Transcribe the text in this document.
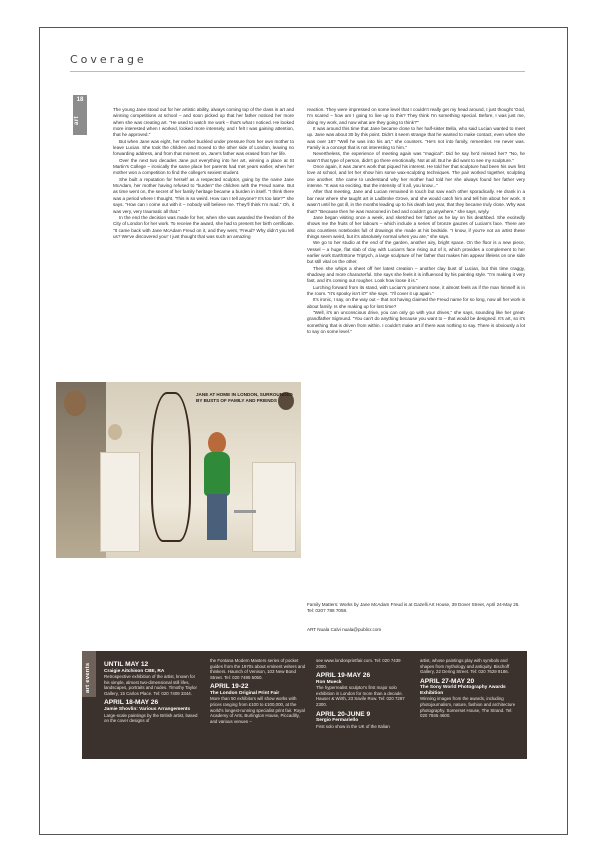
Coverage
18
art

The young Jane stood out for her artistic ability, always coming top of the class in art and winning competitions at school – and soon picked up that her father noticed her more when she was creating art. "He used to watch me work – that's what I noticed. He looked more interested when I worked, looked more intensely, and I felt I was gaining attention, that he approved."

But when Jane was eight, her mother buckled under pressure from her own mother to leave Lucian. She took the children and moved to the other side of London, leaving no forwarding address, and from that moment on, Jane's father was erased from her life.

Over the next two decades Jane put everything into her art, winning a place at St Martin's College – ironically the same place her parents had met years earlier, when her mother won a competition to find the college's sexiest student.

She built a reputation for herself as a respected sculptor, going by the name Jane McAdam, her mother having refused to "burden" the children with the Freud name. But as time went on, the secret of her family heritage became a burden in itself. "I think there was a period where I thought, 'This is so weird. How can I tell anyone? It's too late?'" she says. "How can I come out with it – nobody will believe me. They'll think I'm mad." Oh, it was very, very traumatic all that."

In the end the decision was made for her, when she was awarded the freedom of the City of London for her work. To receive the award, she had to present her birth certificate. "It came back with Jane McAdam Freud on it, and they went, 'Freud? Why didn't you tell us? We've discovered you!' I just thought that was such an amazing

reaction. They were impressed on some level that I couldn't really get my head around, I just thought 'God, I'm scared – how am I going to live up to this? They think I'm something special. Before, I was just me, doing my work, and now what are they going to think?'"

It was around this time that Jane became close to her half-sister Bella, who said Lucian wanted to meet up. Jane was about 30 by this point. Didn't it seem strange that he wanted to make contact, even when she was over 18? "Well he was into his art," she counters. "He's not into family, remember. He never was. Family is a concept that is not interesting to him."

Nevertheless, the experience of meeting again was "magical". Did he say he'd missed her? "No, he wasn't that type of person, didn't go there emotionally. Not at all. But he did want to see my sculpture."

Once again, it was Jane's work that piqued his interest. He told her that sculpture had been his own first love at school, and let her show him some wax-sculpting techniques. The pair worked together, sculpting one another. She came to understand why her mother had told her she always found her father very intense. "It was so exciting. But the intensity of it all, you know..."

After that meeting, Jane and Lucian remained in touch but saw each other sporadically. He drank in a bar near where she taught art in Ladbroke Grove, and she would catch him and tell him about her work. It wasn't until he got ill, in the months leading up to his death last year, that they became truly close. Why was that? "Because then he was marooned in bed and couldn't go anywhere," she says, wryly.

Jane began visiting once a week, and sketched her father as he lay on his deathbed. She excitedly shows me the fruits of her labours – which include a series of bronze gauzes of Lucian's face. There are also countless notebooks full of drawings she made at his bedside. "I know, if you're not an artist these things seem weird, but it's absolutely normal when you are," she says.

We go to her studio at the end of the garden, another airy, bright space. On the floor is a new piece, Vessel – a huge, flat slab of clay with Lucian's face rising out of it, which provides a complement to her earlier work EarthStone Triptych, a large sculpture of her father that makes him appear lifeless on one side but still vital on the other.

Then she whips a sheet off her latest creation – another clay bust of Lucian, but this time craggy, shadowy and more characterful. She says she feels it is influenced by his painting style. "I'm making it very fast, and it's coming out rougher. Look how loose it is."

Lurching forward from its stand, with Lucian's prominent nose, it almost feels as if the man himself is in the room. "It's spooky isn't it?" she says. "I'll cover it up again."

It's ironic, I say, on the way out – that not having claimed the Freud name for so long, now all her work is about family. Is she making up for lost time?

"Well, it's an unconscious drive, you can only go with your drives," she says, sounding like her great-grandfather Sigmund. "You can't do anything because you want to – that would be designed. It's art, so it's something that is driven from within. I couldn't make art if there was nothing to say. There is obviously a lot to say on some level."

JANE AT HOME IN LONDON, SURROUNDED BY BUSTS OF FAMILY AND FRIENDS
Family Matters: Works by Jane McAdam Freud is at Gazelli Art House, 39 Dover Street, April 24-May 25. Tel: 0207 788 7058.
ART Nuala Calvi nuala@publicr.com
art events UNTIL MAY 12
Craigie Aitchison CBE, RA
Retrospective exhibition of the artist, known for his simple, almost two-dimensional still lifes, landscapes, portraits and nudes. Timothy Taylor Gallery, 15 Carlos Place. Tel: 020 7409 3344.
APRIL 18-MAY 26
Jamie Shovlin: Various Arrangements
Large-scale paintings by the British artist, based on the cover designs of
the Fontana Modern Masters series of pocket guides from the 1970s about eminent writers and thinkers. Haunch of Venison, 103 New Bond Street. Tel: 020 7495 5050.
APRIL 19-22
The London Original Print Fair
More than 50 exhibitors will show works with prices ranging from £100 to £100,000, at the world's longest-running specialist print fair. Royal Academy of Arts, Burlington House, Piccadilly, and various venues –
see www.londonprintfair.com. Tel: 020 7439 2000.
APRIL 19-MAY 26
Ron Mueck
The hyperrealist sculptor's first major solo exhibition in London for more than a decade. Hauser & Wirth, 23 Savile Row. Tel: 020 7287 2300.
APRIL 20-JUNE 9
Sergio Fermariello
First solo show in the UK of the Italian
artist, whose paintings play with symbols and shapes from mythology and antiquity. Bischoff Gallery, 22 Dering Street. Tel: 020 7629 9186.
APRIL 27-MAY 20
The Sony World Photography Awards Exhibition
Winning images from the awards, including photojournalism, nature, fashion and architecture photography. Somerset House, The Strand. Tel: 020 7845 4600.
